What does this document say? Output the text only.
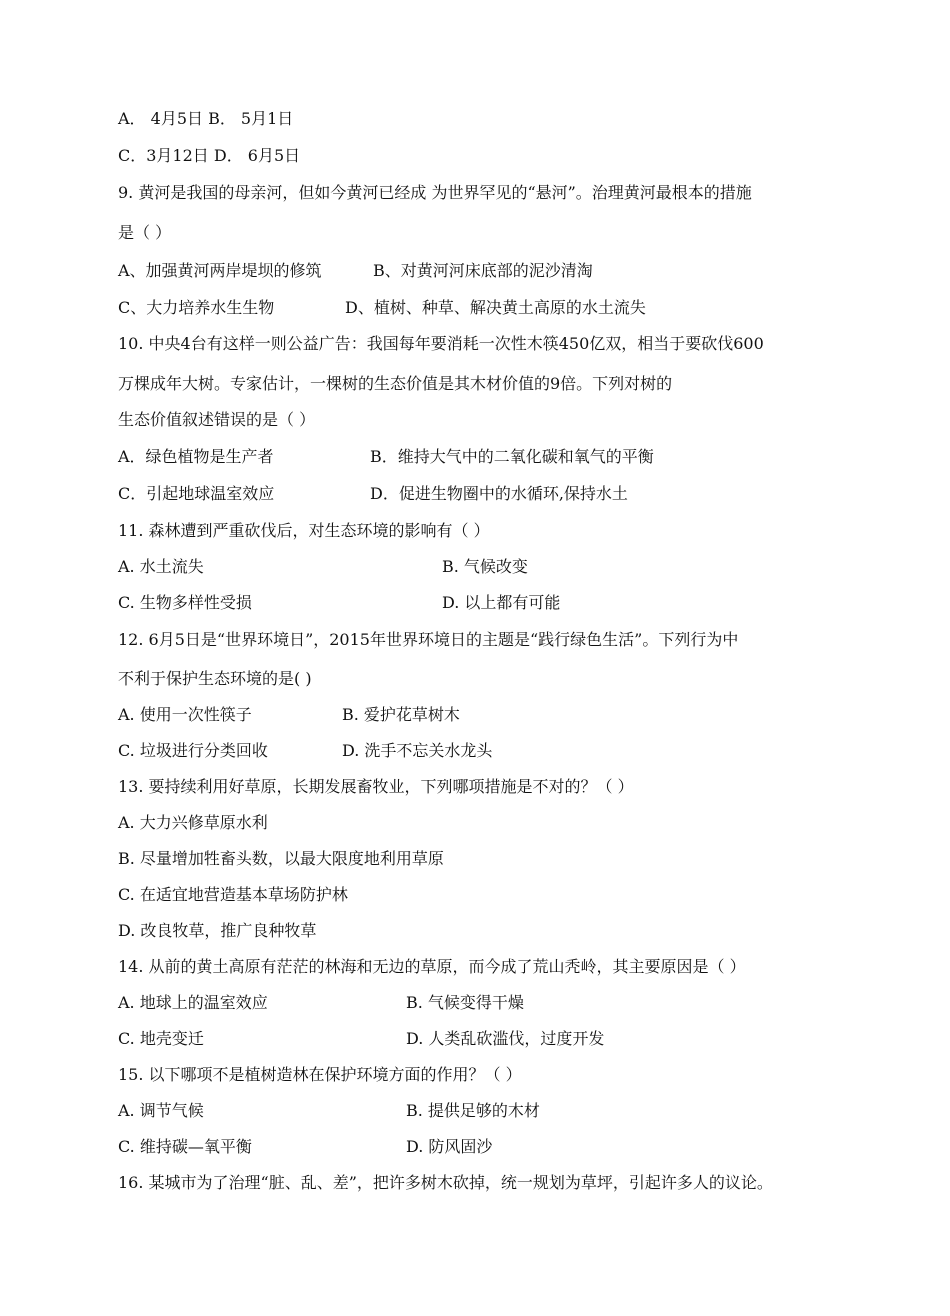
A． 4月5日 B． 5月1日
C．3月12日 D． 6月5日
9. 黄河是我国的母亲河，但如今黄河已经成 为世界罕见的“悬河”。治理黄河最根本的措施
是（ ）
A、加强黄河两岸堤坝的修筑	B、对黄河河床底部的泥沙清淘
C、大力培养水生生物	D、植树、种草、解决黄土高原的水土流失
10. 中央4台有这样一则公益广告：我国每年要消耗一次性木筷450亿双，相当于要砍伐600
万棵成年大树。专家估计，一棵树的生态价值是其木材价值的9倍。下列对树的
生态价值叙述错误的是（ ）
A．绿色植物是生产者	B．维持大气中的二氧化碳和氧气的平衡
C．引起地球温室效应	D．促进生物圈中的水循环,保持水土
11. 森林遭到严重砍伐后，对生态环境的影响有（ ）
A. 水土流失	B. 气候改变
C. 生物多样性受损	D. 以上都有可能
12. 6月5日是“世界环境日”，2015年世界环境日的主题是“践行绿色生活”。下列行为中
不利于保护生态环境的是( )
A. 使用一次性筷子	B. 爱护花草树木
C. 垃圾进行分类回收	D. 洗手不忘关水龙头
13. 要持续利用好草原，长期发展畜牧业，下列哪项措施是不对的？（ ）
A. 大力兴修草原水利
B. 尽量增加牲畜头数，以最大限度地利用草原
C. 在适宜地营造基本草场防护林
D. 改良牧草，推广良种牧草
14. 从前的黄土高原有茫茫的林海和无边的草原，而今成了荒山秃岭，其主要原因是（ ）
A. 地球上的温室效应	B. 气候变得干燥
C. 地壳变迁	D. 人类乱砍滥伐，过度开发
15. 以下哪项不是植树造林在保护环境方面的作用？（ ）
A. 调节气候	B. 提供足够的木材
C. 维持碳—氧平衡	D. 防风固沙
16. 某城市为了治理“脏、乱、差”，把许多树木砍掉，统一规划为草坪，引起许多人的议论。
